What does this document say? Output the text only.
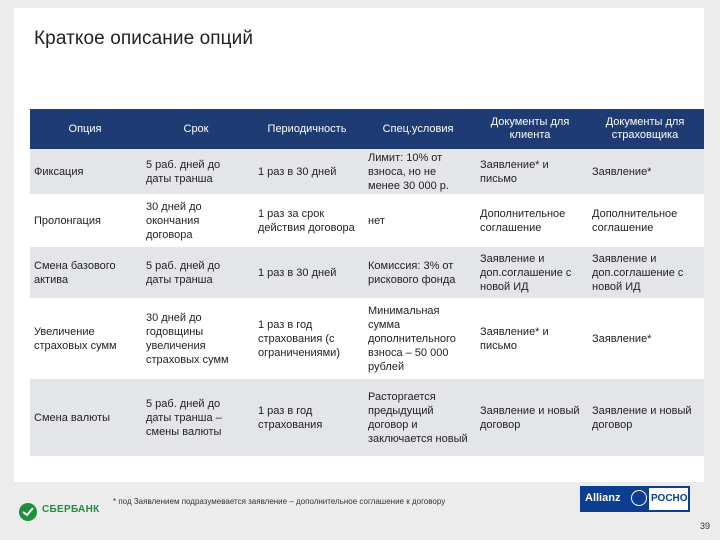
Краткое описание опций
Опция	Срок	Периодичность	Спец.условия	Документы для клиента	Документы для страховщика
Фиксация	5 раб. дней до даты транша	1 раз в 30 дней	Лимит: 10% от взноса, но не менее 30 000 р.	Заявление* и письмо	Заявление*
Пролонгация	30 дней до окончания договора	1 раз за срок действия договора	нет	Дополнительное соглашение	Дополнительное соглашение
Смена базового актива	5 раб. дней до даты транша	1 раз в 30 дней	Комиссия: 3% от рискового фонда	Заявление и доп.соглашение с новой ИД	Заявление и доп.соглашение с новой ИД
Увеличение страховых сумм	30 дней до годовщины увеличения страховых сумм	1 раз в год страхования (с ограничениями)	Минимальная сумма дополнительного взноса – 50 000 рублей	Заявление* и письмо	Заявление*
Смена валюты	5 раб. дней до даты транша – смены валюты	1 раз в год страхования	Расторгается предыдущий договор и заключается новый	Заявление и новый договор	Заявление и новый договор
* под Заявлением подразумевается заявление – дополнительное соглашение к договору
СБЕРБАНК
Allianz	РОСНО
39
